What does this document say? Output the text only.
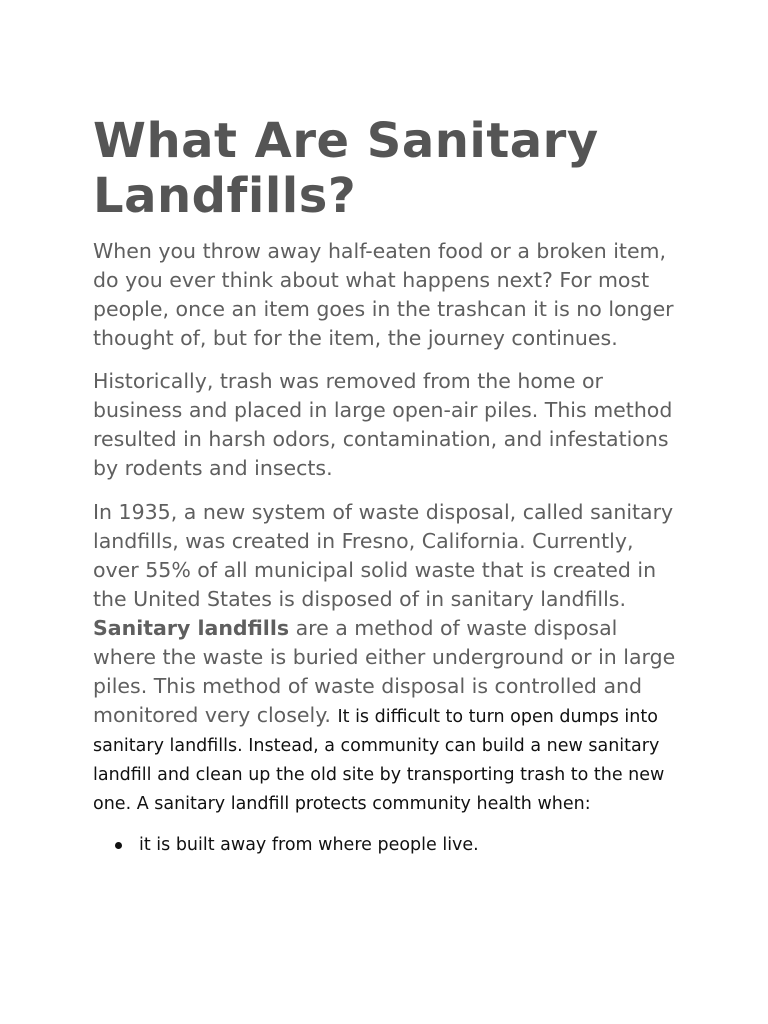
What Are Sanitary Landfills?

When you throw away half-eaten food or a broken item, do you ever think about what happens next? For most people, once an item goes in the trashcan it is no longer thought of, but for the item, the journey continues.

Historically, trash was removed from the home or business and placed in large open-air piles. This method resulted in harsh odors, contamination, and infestations by rodents and insects.

In 1935, a new system of waste disposal, called sanitary landfills, was created in Fresno, California. Currently, over 55% of all municipal solid waste that is created in the United States is disposed of in sanitary landfills. Sanitary landfills are a method of waste disposal where the waste is buried either underground or in large piles. This method of waste disposal is controlled and monitored very closely. It is difficult to turn open dumps into sanitary landfills. Instead, a community can build a new sanitary landfill and clean up the old site by transporting trash to the new one. A sanitary landfill protects community health when:

it is built away from where people live.
